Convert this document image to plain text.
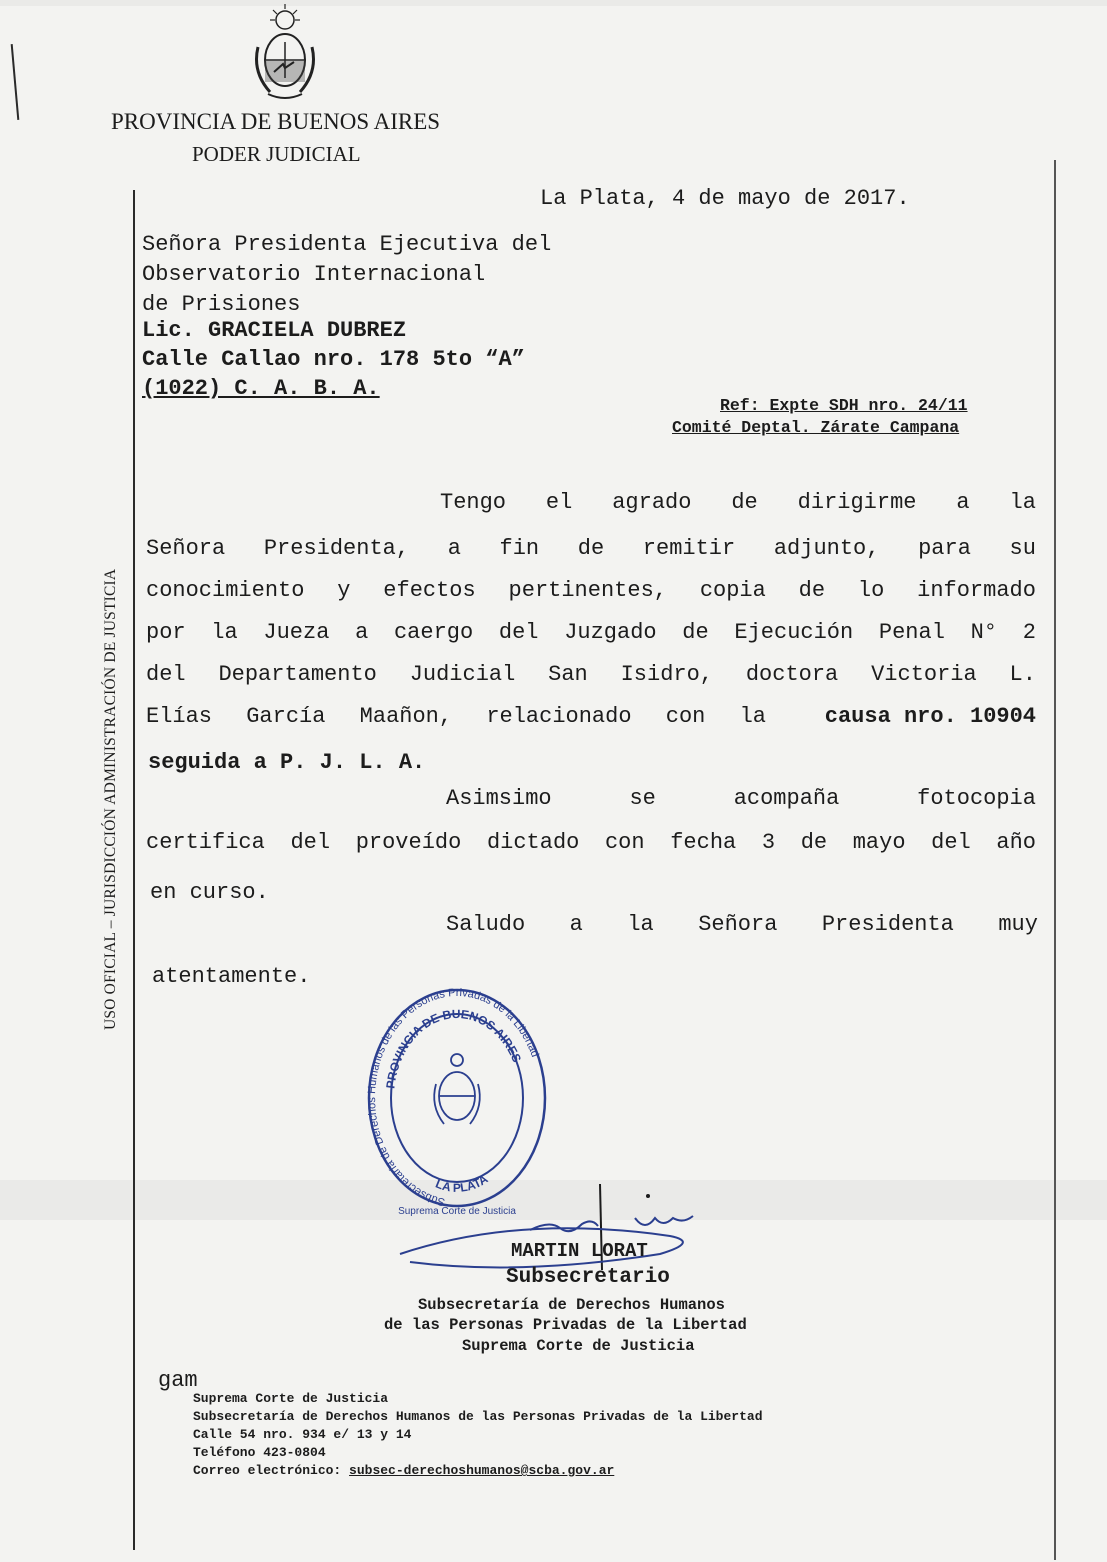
PROVINCIA DE BUENOS AIRES
PODER JUDICIAL
USO OFICIAL – JURISDICCIÓN ADMINISTRACIÓN DE JUSTICIA
La Plata, 4 de mayo de 2017.
Señora Presidenta Ejecutiva del
Observatorio Internacional
de Prisiones
Lic. GRACIELA DUBREZ
Calle Callao nro. 178 5to “A”
(1022) C. A. B. A.
Ref: Expte SDH nro. 24/11
Comité Deptal. Zárate Campana
Tengo el agrado de dirigirme a la
Señora Presidenta, a fin de remitir adjunto, para su
conocimiento y efectos pertinentes, copia de lo informado
por la Jueza a caergo del Juzgado de Ejecución Penal N° 2
del Departamento Judicial San Isidro, doctora Victoria L.
Elías García Maañon, relacionado con la	causa nro. 10904
seguida a P. J. L. A.
Asimsimo	se	acompaña	fotocopia
certifica del proveído dictado con fecha 3 de mayo del año
en curso.
Saludo a la Señora Presidenta muy
atentamente.
Subsecretaría de Derechos Humanos de las Personas Privadas de la Libertad
PROVINCIA DE BUENOS AIRES
LA PLATA
Suprema Corte de Justicia
MARTIN LORAT
Subsecretario
Subsecretaría de Derechos Humanos
de las Personas Privadas de la Libertad
Suprema Corte de Justicia
gam
Suprema Corte de Justicia
Subsecretaría de Derechos Humanos de las Personas Privadas de la Libertad
Calle 54 nro. 934 e/ 13 y 14
Teléfono 423-0804
Correo electrónico: subsec-derechoshumanos@scba.gov.ar
